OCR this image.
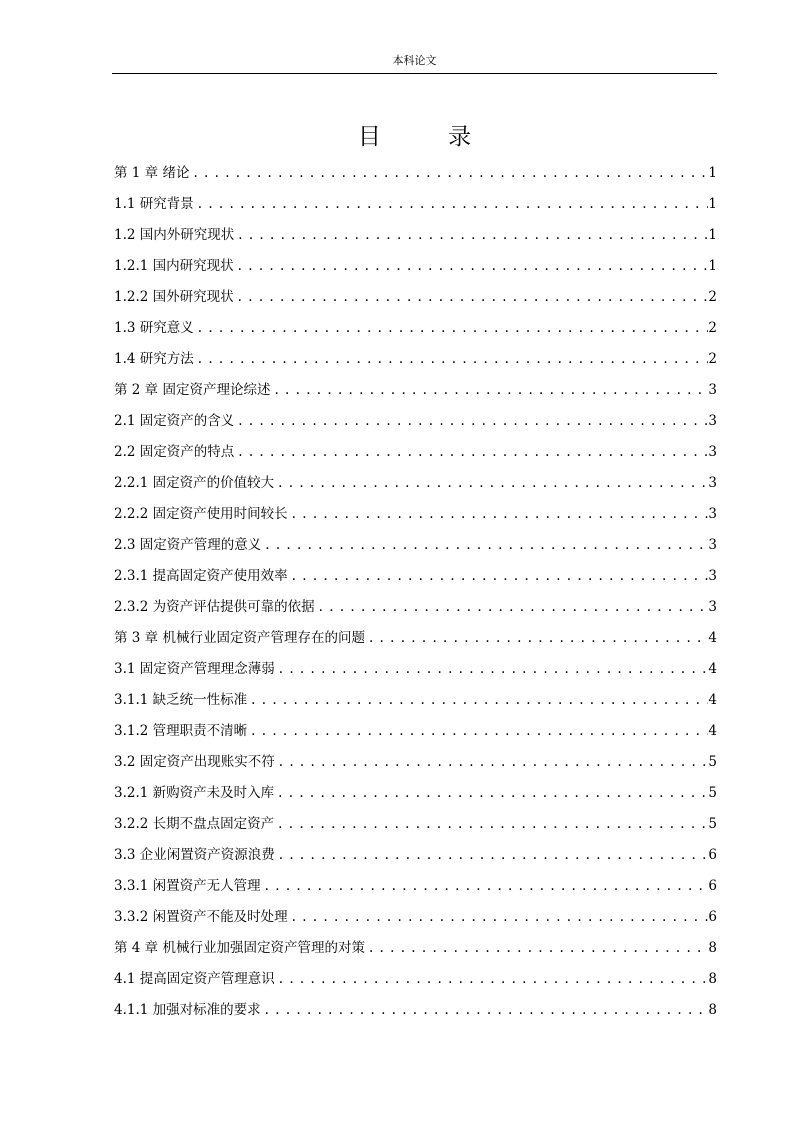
本科论文
目 录
第 1 章 绪论 . . .	1
1.1 研究背景 . . .	1
1.2 国内外研究现状 . . .	1
1.2.1 国内研究现状 . . .	1
1.2.2 国外研究现状 . . .	2
1.3 研究意义 . . .	2
1.4 研究方法 . . .	2
第 2 章 固定资产理论综述 . . .	3
2.1 固定资产的含义 . . .	3
2.2 固定资产的特点 . . .	3
2.2.1 固定资产的价值较大 . . .	3
2.2.2 固定资产使用时间较长 . . .	3
2.3 固定资产管理的意义 . . .	3
2.3.1 提高固定资产使用效率 . . .	3
2.3.2 为资产评估提供可靠的依据 . . .	3
第 3 章 机械行业固定资产管理存在的问题 . . .	4
3.1 固定资产管理理念薄弱 . . .	4
3.1.1 缺乏统一性标准 . . .	4
3.1.2 管理职责不清晰 . . .	4
3.2 固定资产出现账实不符 . . .	5
3.2.1 新购资产未及时入库 . . .	5
3.2.2 长期不盘点固定资产 . . .	5
3.3 企业闲置资产资源浪费 . . .	6
3.3.1 闲置资产无人管理 . . .	6
3.3.2 闲置资产不能及时处理 . . .	6
第 4 章 机械行业加强固定资产管理的对策 . . .	8
4.1 提高固定资产管理意识 . . .	8
4.1.1 加强对标准的要求 . . .	8
